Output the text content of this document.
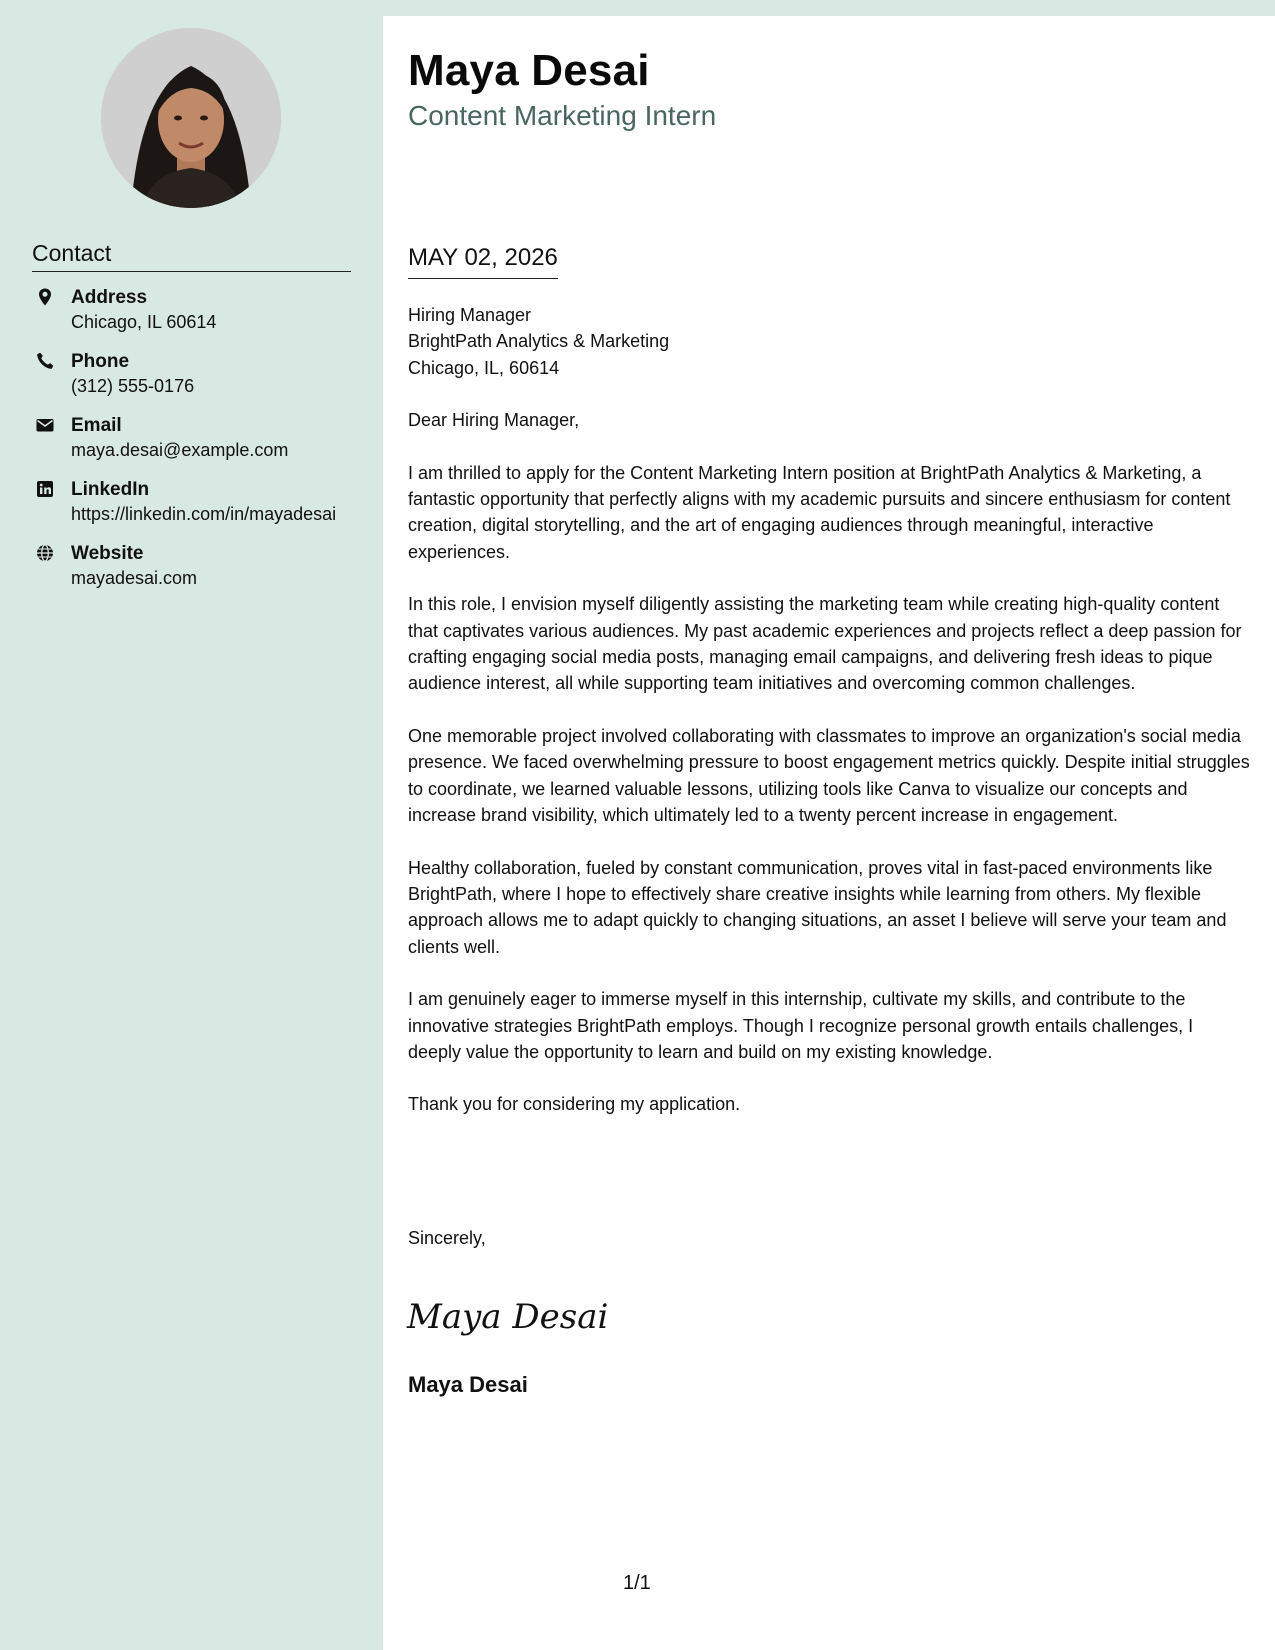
Contact
Address
Chicago, IL 60614
Phone
(312) 555-0176
Email
maya.desai@example.com
LinkedIn
https://linkedin.com/in/mayadesai
Website
mayadesai.com
Maya Desai
Content Marketing Intern
MAY 02, 2026

Hiring Manager

BrightPath Analytics & Marketing

Chicago, IL, 60614

Dear Hiring Manager,

I am thrilled to apply for the Content Marketing Intern position at BrightPath Analytics & Marketing, a fantastic opportunity that perfectly aligns with my academic pursuits and sincere enthusiasm for content creation, digital storytelling, and the art of engaging audiences through meaningful, interactive experiences.

In this role, I envision myself diligently assisting the marketing team while creating high-quality content that captivates various audiences. My past academic experiences and projects reflect a deep passion for crafting engaging social media posts, managing email campaigns, and delivering fresh ideas to pique audience interest, all while supporting team initiatives and overcoming common challenges.

One memorable project involved collaborating with classmates to improve an organization's social media presence. We faced overwhelming pressure to boost engagement metrics quickly. Despite initial struggles to coordinate, we learned valuable lessons, utilizing tools like Canva to visualize our concepts and increase brand visibility, which ultimately led to a twenty percent increase in engagement.

Healthy collaboration, fueled by constant communication, proves vital in fast-paced environments like BrightPath, where I hope to effectively share creative insights while learning from others. My flexible approach allows me to adapt quickly to changing situations, an asset I believe will serve your team and clients well.

I am genuinely eager to immerse myself in this internship, cultivate my skills, and contribute to the innovative strategies BrightPath employs. Though I recognize personal growth entails challenges, I deeply value the opportunity to learn and build on my existing knowledge.

Thank you for considering my application.

Sincerely,
Maya Desai
Maya Desai
1/1
